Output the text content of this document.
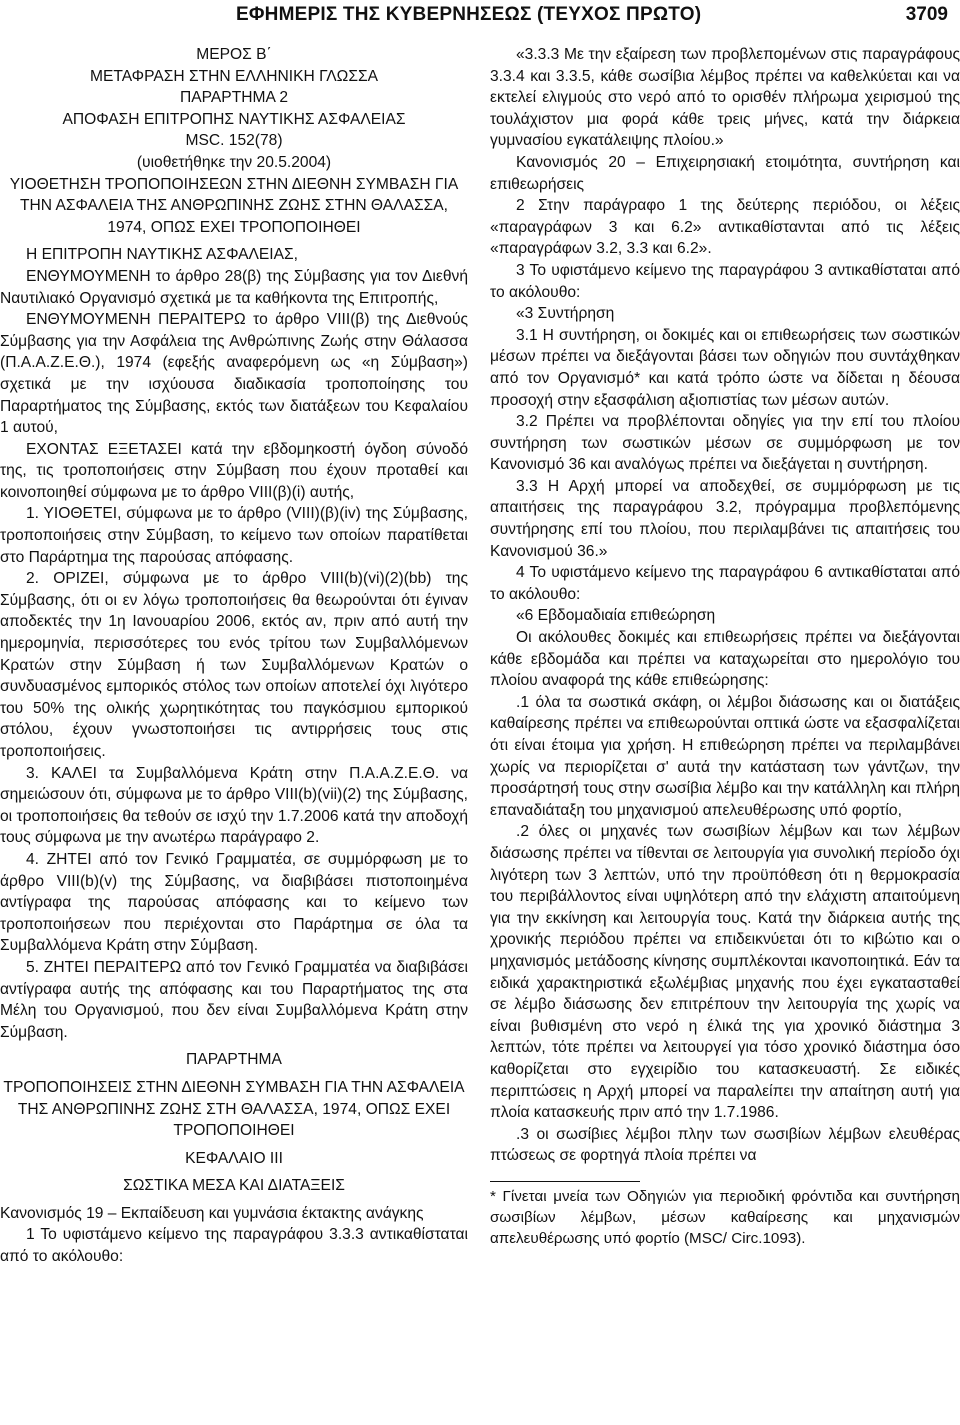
ΕΦΗΜΕΡΙΣ ΤΗΣ ΚΥΒΕΡΝΗΣΕΩΣ (ΤΕΥΧΟΣ ΠΡΩΤΟ)	3709

ΜΕΡΟΣ Β΄

ΜΕΤΑΦΡΑΣΗ ΣΤΗΝ ΕΛΛΗΝΙΚΗ ΓΛΩΣΣΑ

ΠΑΡΑΡΤΗΜΑ 2

ΑΠΟΦΑΣΗ ΕΠΙΤΡΟΠΗΣ ΝΑΥΤΙΚΗΣ ΑΣΦΑΛΕΙΑΣ

MSC. 152(78)

(υιοθετήθηκε την 20.5.2004)

ΥΙΟΘΕΤΗΣΗ ΤΡΟΠΟΠΟΙΗΣΕΩΝ ΣΤΗΝ ΔΙΕΘΝΗ ΣΥΜΒΑΣΗ ΓΙΑ ΤΗΝ ΑΣΦΑΛΕΙΑ ΤΗΣ ΑΝΘΡΩΠΙΝΗΣ ΖΩΗΣ ΣΤΗΝ ΘΑΛΑΣΣΑ, 1974, ΟΠΩΣ ΕΧΕΙ ΤΡΟΠΟΠΟΙΗΘΕΙ

Η ΕΠΙΤΡΟΠΗ ΝΑΥΤΙΚΗΣ ΑΣΦΑΛΕΙΑΣ,

ΕΝΘΥΜΟΥΜΕΝΗ το άρθρο 28(β) της Σύμβασης για τον Διεθνή Ναυτιλιακό Οργανισμό σχετικά με τα καθήκοντα της Επιτροπής,

ΕΝΘΥΜΟΥΜΕΝΗ ΠΕΡΑΙΤΕΡΩ το άρθρο VIII(β) της Διεθνούς Σύμβασης για την Ασφάλεια της Ανθρώπινης Ζωής στην Θάλασσα (Π.Α.Α.Ζ.Ε.Θ.), 1974 (εφεξής αναφερόμενη ως «η Σύμβαση») σχετικά με την ισχύουσα διαδικασία τροποποίησης του Παραρτήματος της Σύμβασης, εκτός των διατάξεων του Κεφαλαίου 1 αυτού,

ΕΧΟΝΤΑΣ ΕΞΕΤΑΣΕΙ κατά την εβδομηκοστή όγδοη σύνοδό της, τις τροποποιήσεις στην Σύμβαση που έχουν προταθεί και κοινοποιηθεί σύμφωνα με το άρθρο VIII(β)(i) αυτής,

1. ΥΙΟΘΕΤΕΙ, σύμφωνα με το άρθρο (VIII)(β)(iv) της Σύμβασης, τροποποιήσεις στην Σύμβαση, το κείμενο των οποίων παρατίθεται στο Παράρτημα της παρούσας απόφασης.

2. ΟΡΙΖΕΙ, σύμφωνα με το άρθρο VIII(b)(vi)(2)(bb) της Σύμβασης, ότι οι εν λόγω τροποποιήσεις θα θεωρούνται ότι έγιναν αποδεκτές την 1η Ιανουαρίου 2006, εκτός αν, πριν από αυτή την ημερομηνία, περισσότερες του ενός τρίτου των Συμβαλλόμενων Κρατών στην Σύμβαση ή των Συμβαλλόμενων Κρατών ο συνδυασμένος εμπορικός στόλος των οποίων αποτελεί όχι λιγότερο του 50% της ολικής χωρητικότητας του παγκόσμιου εμπορικού στόλου, έχουν γνωστοποιήσει τις αντιρρήσεις τους στις τροποποιήσεις.

3. ΚΑΛΕΙ τα Συμβαλλόμενα Κράτη στην Π.Α.Α.Ζ.Ε.Θ. να σημειώσουν ότι, σύμφωνα με το άρθρο VIII(b)(vii)(2) της Σύμβασης, οι τροποποιήσεις θα τεθούν σε ισχύ την 1.7.2006 κατά την αποδοχή τους σύμφωνα με την ανωτέρω παράγραφο 2.

4. ΖΗΤΕΙ από τον Γενικό Γραμματέα, σε συμμόρφωση με το άρθρο VIII(b)(v) της Σύμβασης, να διαβιβάσει πιστοποιημένα αντίγραφα της παρούσας απόφασης και το κείμενο των τροποποιήσεων που περιέχονται στο Παράρτημα σε όλα τα Συμβαλλόμενα Κράτη στην Σύμβαση.

5. ΖΗΤΕΙ ΠΕΡΑΙΤΕΡΩ από τον Γενικό Γραμματέα να διαβιβάσει αντίγραφα αυτής της απόφασης και του Παραρτήματος της στα Μέλη του Οργανισμού, που δεν είναι Συμβαλλόμενα Κράτη στην Σύμβαση.

ΠΑΡΑΡΤΗΜΑ

ΤΡΟΠΟΠΟΙΗΣΕΙΣ ΣΤΗΝ ΔΙΕΘΝΗ ΣΥΜΒΑΣΗ ΓΙΑ ΤΗΝ ΑΣΦΑΛΕΙΑ ΤΗΣ ΑΝΘΡΩΠΙΝΗΣ ΖΩΗΣ ΣΤΗ ΘΑΛΑΣΣΑ, 1974, ΟΠΩΣ ΕΧΕΙ ΤΡΟΠΟΠΟΙΗΘΕΙ

ΚΕΦΑΛΑΙΟ III

ΣΩΣΤΙΚΑ ΜΕΣΑ ΚΑΙ ΔΙΑΤΑΞΕΙΣ

Κανονισμός 19 – Εκπαίδευση και γυμνάσια έκτακτης ανάγκης

1 Το υφιστάμενο κείμενο της παραγράφου 3.3.3 αντικαθίσταται από το ακόλουθο:

«3.3.3 Με την εξαίρεση των προβλεπομένων στις παραγράφους 3.3.4 και 3.3.5, κάθε σωσίβια λέμβος πρέπει να καθελκύεται και να εκτελεί ελιγμούς στο νερό από το ορισθέν πλήρωμα χειρισμού της τουλάχιστον μια φορά κάθε τρεις μήνες, κατά την διάρκεια γυμνασίου εγκατάλειψης πλοίου.»

Κανονισμός 20 – Επιχειρησιακή ετοιμότητα, συντήρηση και επιθεωρήσεις

2 Στην παράγραφο 1 της δεύτερης περιόδου, οι λέξεις «παραγράφων 3 και 6.2» αντικαθίστανται από τις λέξεις «παραγράφων 3.2, 3.3 και 6.2».

3 Το υφιστάμενο κείμενο της παραγράφου 3 αντικαθίσταται από το ακόλουθο:

«3 Συντήρηση

3.1 Η συντήρηση, οι δοκιμές και οι επιθεωρήσεις των σωστικών μέσων πρέπει να διεξάγονται βάσει των οδηγιών που συντάχθηκαν από τον Οργανισμό* και κατά τρόπο ώστε να δίδεται η δέουσα προσοχή στην εξασφάλιση αξιοπιστίας των μέσων αυτών.

3.2 Πρέπει να προβλέπονται οδηγίες για την επί του πλοίου συντήρηση των σωστικών μέσων σε συμμόρφωση με τον Κανονισμό 36 και αναλόγως πρέπει να διεξάγεται η συντήρηση.

3.3 Η Αρχή μπορεί να αποδεχθεί, σε συμμόρφωση με τις απαιτήσεις της παραγράφου 3.2, πρόγραμμα προβλεπόμενης συντήρησης επί του πλοίου, που περιλαμβάνει τις απαιτήσεις του Κανονισμού 36.»

4 Το υφιστάμενο κείμενο της παραγράφου 6 αντικαθίσταται από το ακόλουθο:

«6 Εβδομαδιαία επιθεώρηση

Οι ακόλουθες δοκιμές και επιθεωρήσεις πρέπει να διεξάγονται κάθε εβδομάδα και πρέπει να καταχωρείται στο ημερολόγιο του πλοίου αναφορά της κάθε επιθεώρησης:

.1 όλα τα σωστικά σκάφη, οι λέμβοι διάσωσης και οι διατάξεις καθαίρεσης πρέπει να επιθεωρούνται οπτικά ώστε να εξασφαλίζεται ότι είναι έτοιμα για χρήση. Η επιθεώρηση πρέπει να περιλαμβάνει χωρίς να περιορίζεται σ' αυτά την κατάσταση των γάντζων, την προσάρτησή τους στην σωσίβια λέμβο και την κατάλληλη και πλήρη επαναδιάταξη του μηχανισμού απελευθέρωσης υπό φορτίο,

.2 όλες οι μηχανές των σωσιβίων λέμβων και των λέμβων διάσωσης πρέπει να τίθενται σε λειτουργία για συνολική περίοδο όχι λιγότερη των 3 λεπτών, υπό την προϋπόθεση ότι η θερμοκρασία του περιβάλλοντος είναι υψηλότερη από την ελάχιστη απαιτούμενη για την εκκίνηση και λειτουργία τους. Κατά την διάρκεια αυτής της χρονικής περιόδου πρέπει να επιδεικνύεται ότι το κιβώτιο και ο μηχανισμός μετάδοσης κίνησης συμπλέκονται ικανοποιητικά. Εάν τα ειδικά χαρακτηριστικά εξωλέμβιας μηχανής που έχει εγκατασταθεί σε λέμβο διάσωσης δεν επιτρέπουν την λειτουργία της χωρίς να είναι βυθισμένη στο νερό η έλικά της για χρονικό διάστημα 3 λεπτών, τότε πρέπει να λειτουργεί για τόσο χρονικό διάστημα όσο καθορίζεται στο εγχειρίδιο του κατασκευαστή. Σε ειδικές περιπτώσεις η Αρχή μπορεί να παραλείπει την απαίτηση αυτή για πλοία κατασκευής πριν από την 1.7.1986.

.3 οι σωσίβιες λέμβοι πλην των σωσιβίων λέμβων ελευθέρας πτώσεως σε φορτηγά πλοία πρέπει να

* Γίνεται μνεία των Οδηγιών για περιοδική φρόντιδα και συντήρηση σωσιβίων λέμβων, μέσων καθαίρεσης και μηχανισμών απελευθέρωσης υπό φορτίο (MSC/ Circ.1093).
